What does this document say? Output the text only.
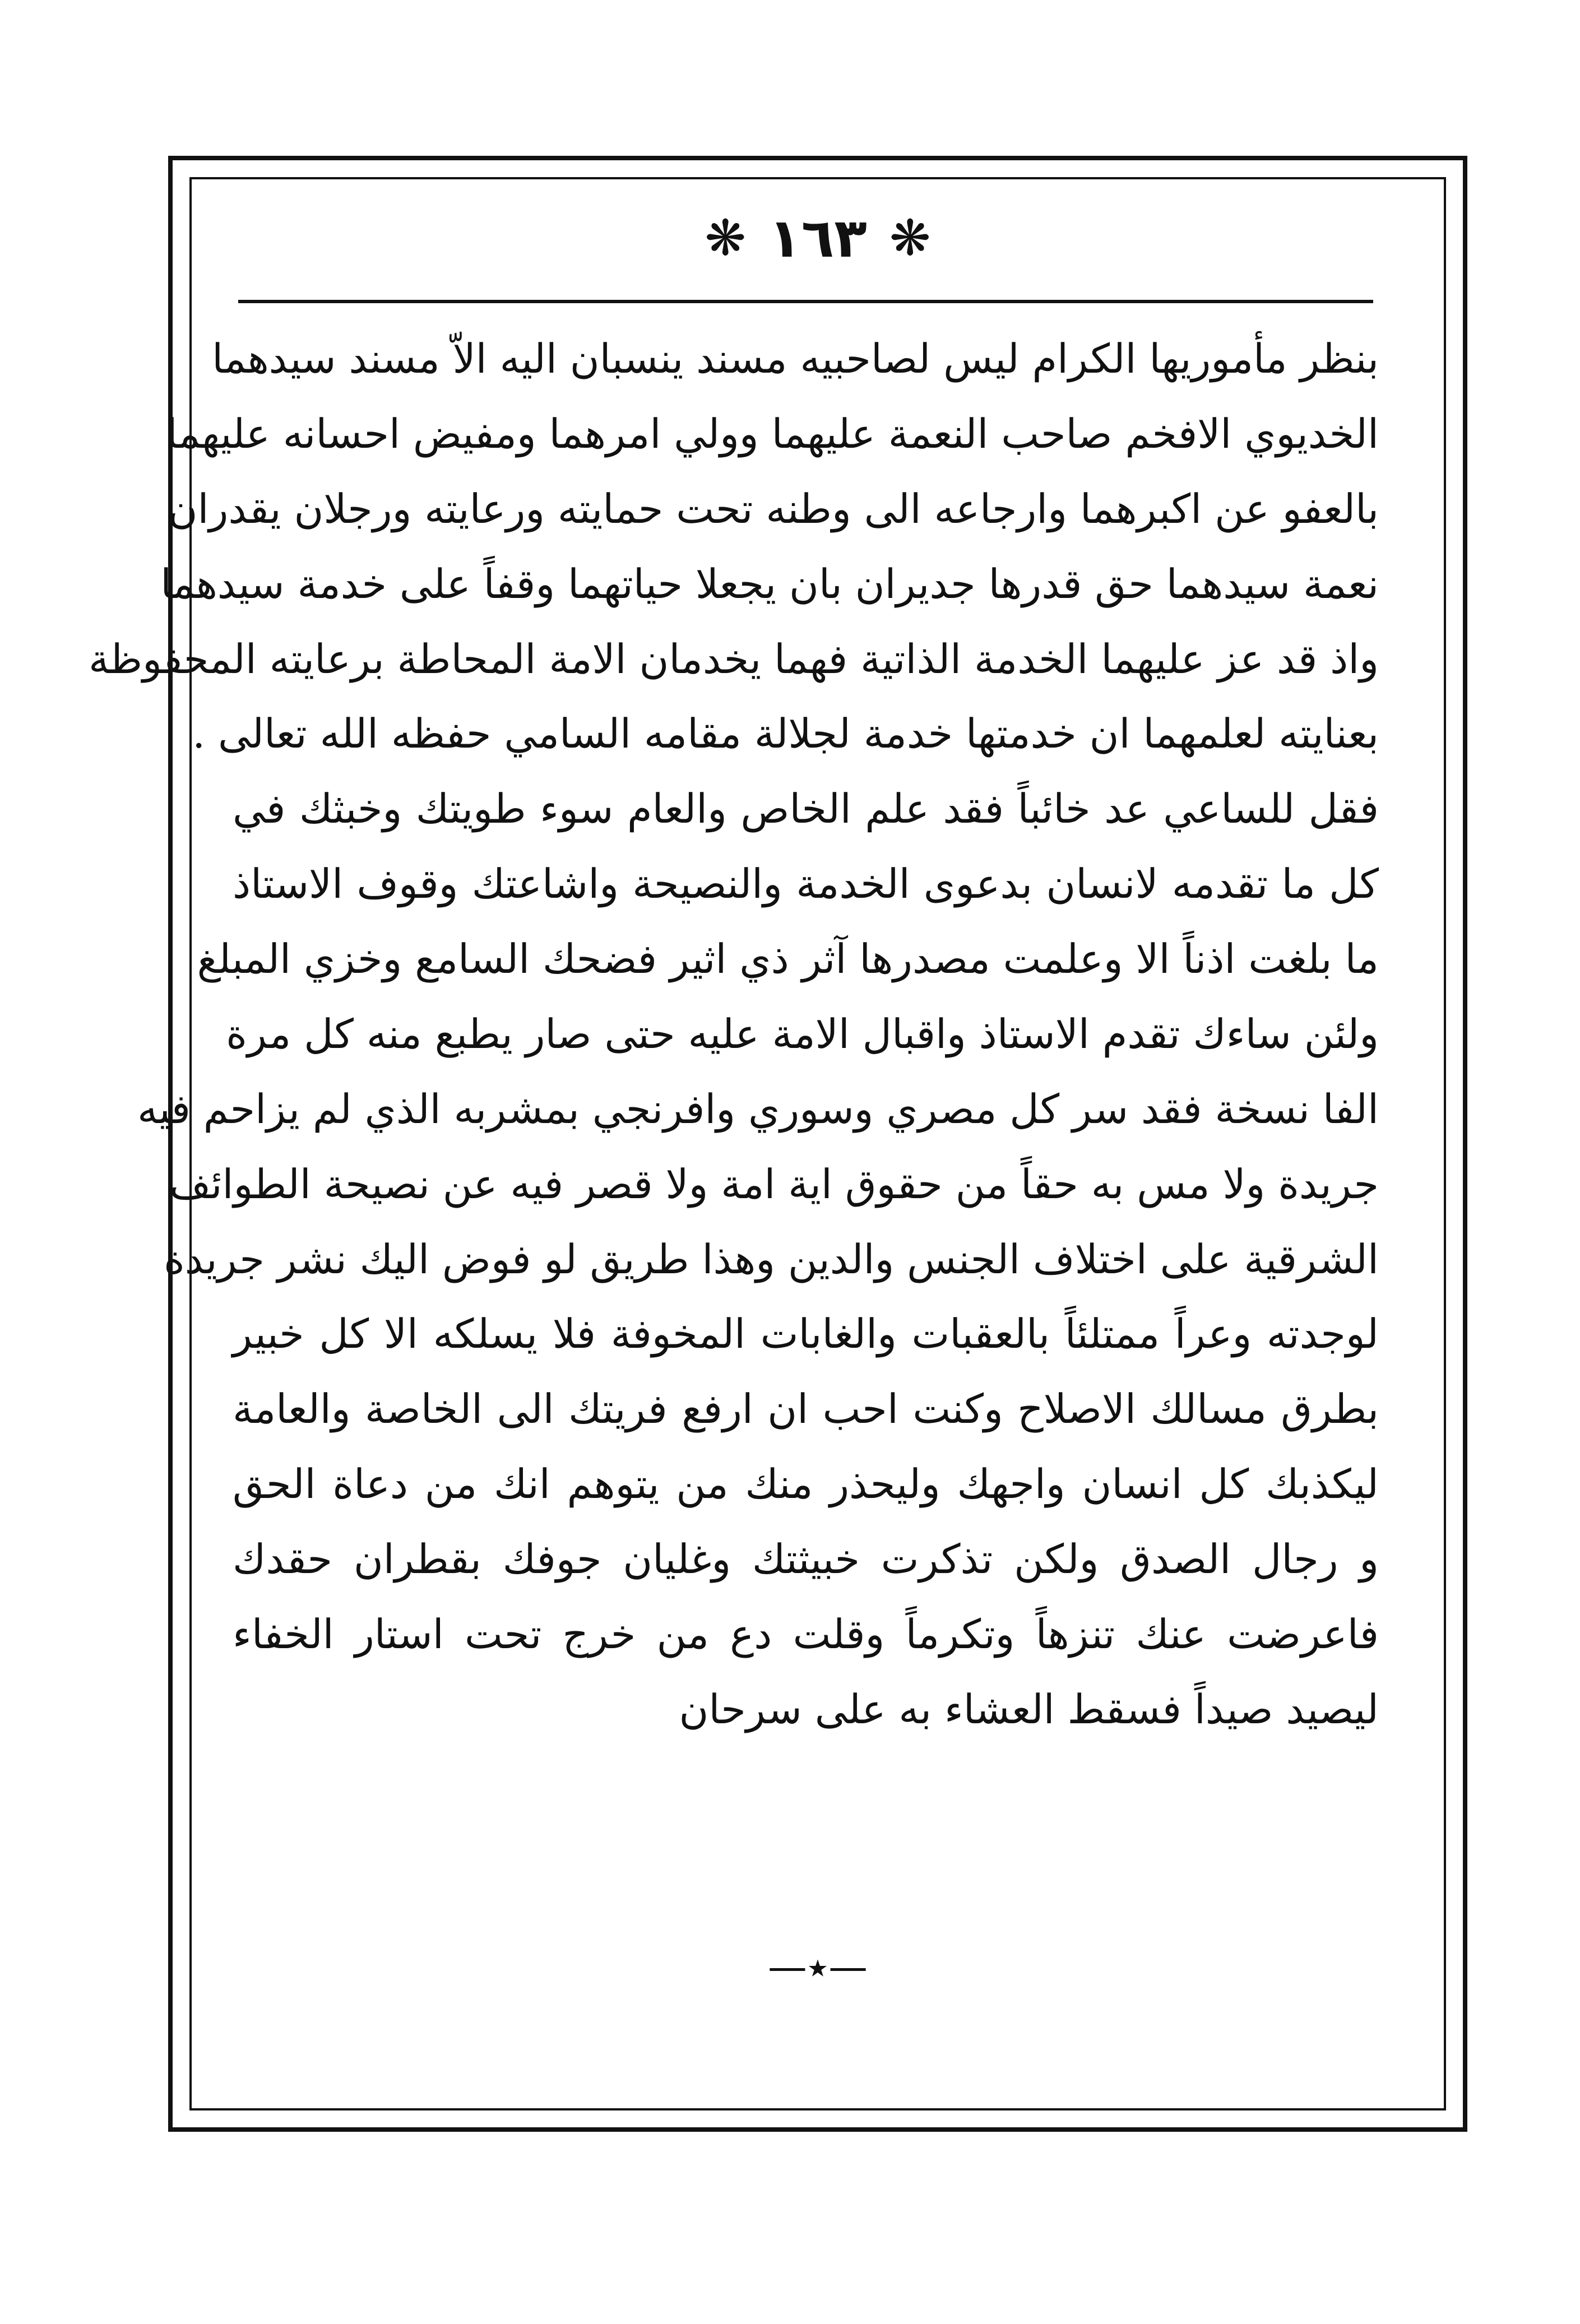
❋ ١٦٣ ❋
بنظر مأموريها الكرام ليس لصاحبيه مسند ينسبان اليه الاّ مسند سيدهما
الخديوي الافخم صاحب النعمة عليهما وولي امرهما ومفيض احسانه عليهما
بالعفو عن اكبرهما وارجاعه الى وطنه تحت حمايته ورعايته ورجلان يقدران
نعمة سيدهما حق قدرها جديران بان يجعلا حياتهما وقفاً على خدمة سيدهما
واذ قد عز عليهما الخدمة الذاتية فهما يخدمان الامة المحاطة برعايته المحفوظة
بعنايته لعلمهما ان خدمتها خدمة لجلالة مقامه السامي حفظه الله تعالى .
فقل للساعي عد خائباً فقد علم الخاص والعام سوء طويتك وخبثك في
كل ما تقدمه لانسان بدعوى الخدمة والنصيحة واشاعتك وقوف الاستاذ
ما بلغت اذناً الا وعلمت مصدرها آثر ذي اثير فضحك السامع وخزي المبلغ
ولئن ساءك تقدم الاستاذ واقبال الامة عليه حتى صار يطبع منه كل مرة
الفا نسخة فقد سر كل مصري وسوري وافرنجي بمشربه الذي لم يزاحم فيه
جريدة ولا مس به حقاً من حقوق اية امة ولا قصر فيه عن نصيحة الطوائف
الشرقية على اختلاف الجنس والدين وهذا طريق لو فوض اليك نشر جريدة
لوجدته وعراً ممتلئاً بالعقبات والغابات المخوفة فلا يسلكه الا كل خبير
بطرق مسالك الاصلاح وكنت احب ان ارفع فريتك الى الخاصة والعامة
ليكذبك كل انسان واجهك وليحذر منك من يتوهم انك من دعاة الحق
و رجال الصدق ولكن تذكرت خبيثتك وغليان جوفك بقطران حقدك
فاعرضت عنك تنزهاً وتكرماً وقلت دع من خرج تحت استار الخفاء
ليصيد صيداً فسقط العشاء به على سرحان
—٭—
